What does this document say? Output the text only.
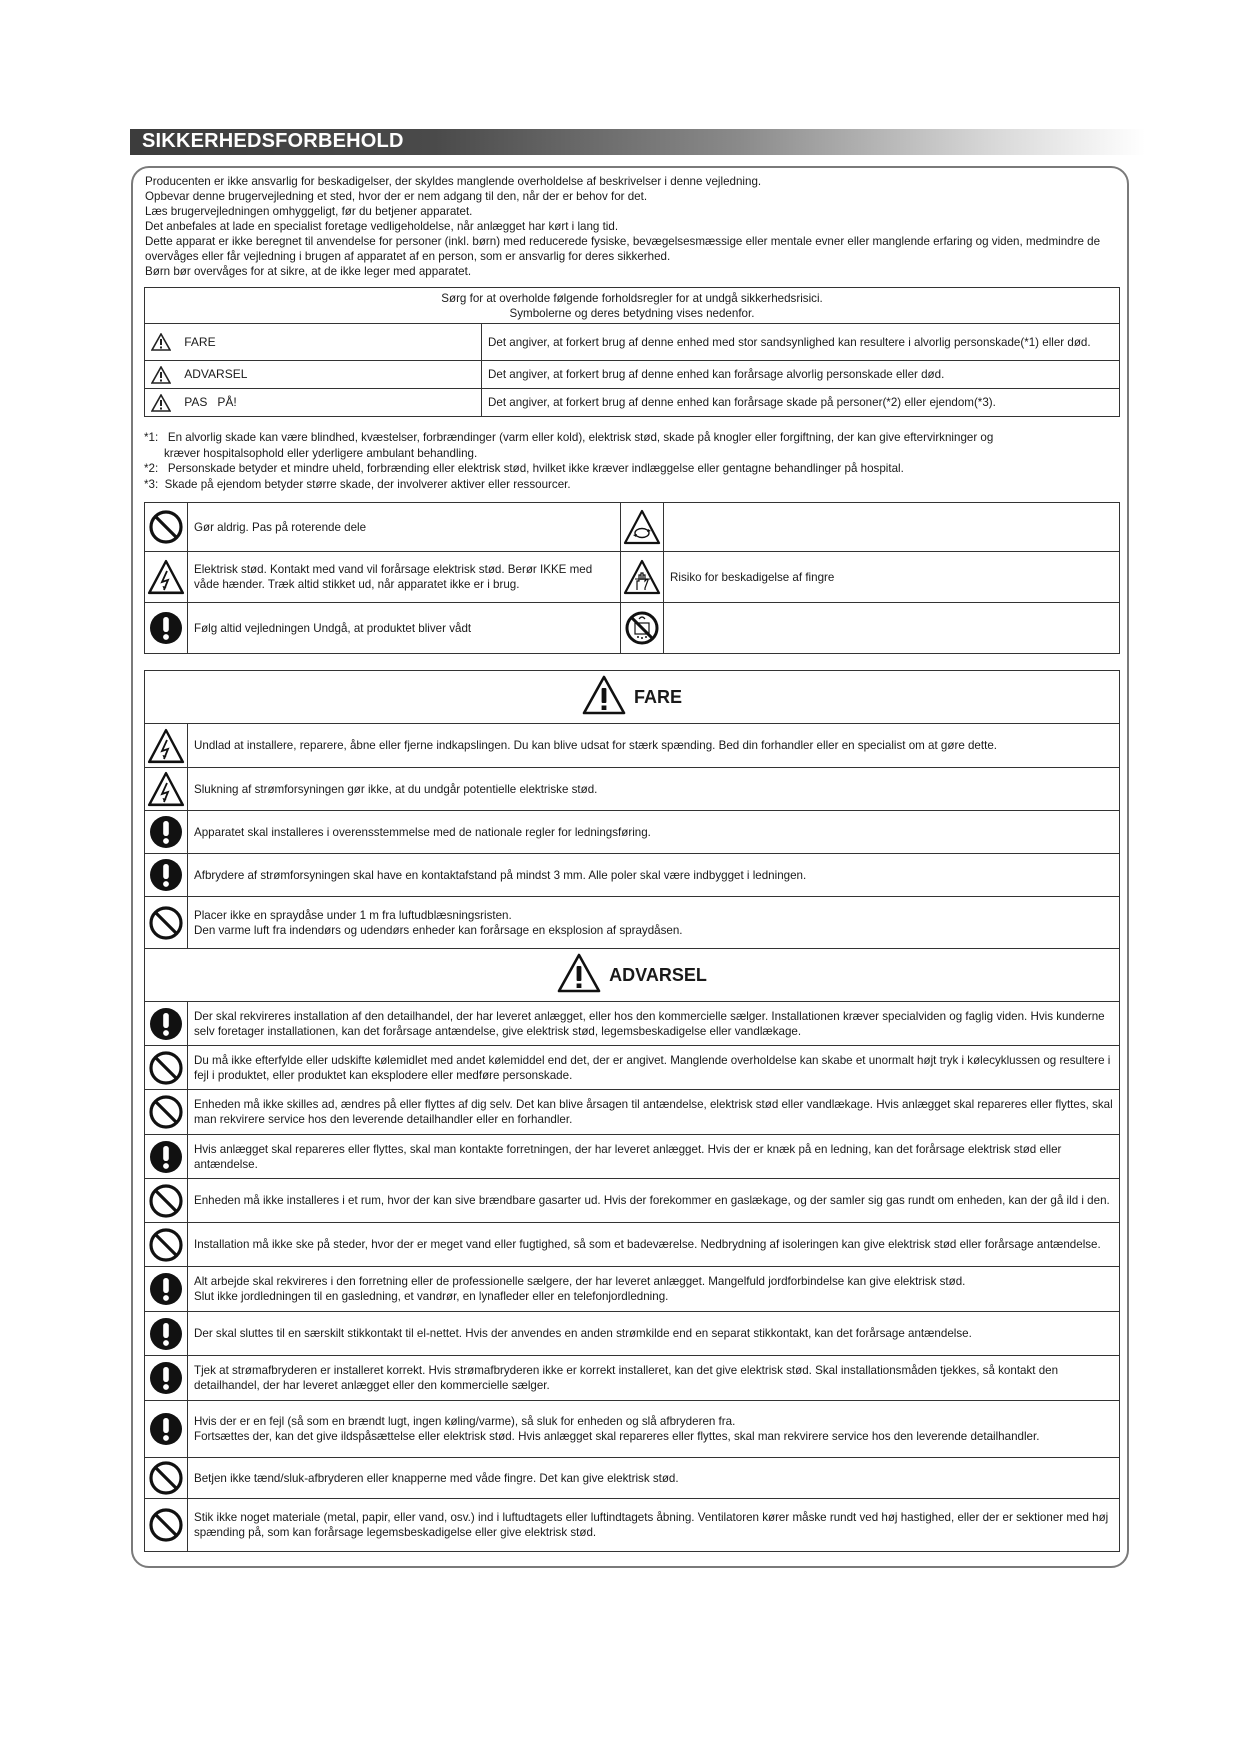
SIKKERHEDSFORBEHOLD
Producenten er ikke ansvarlig for beskadigelser, der skyldes manglende overholdelse af beskrivelser i denne vejledning.
Opbevar denne brugervejledning et sted, hvor der er nem adgang til den, når der er behov for det.
Læs brugervejledningen omhyggeligt, før du betjener apparatet.
Det anbefales at lade en specialist foretage vedligeholdelse, når anlægget har kørt i lang tid.
Dette apparat er ikke beregnet til anvendelse for personer (inkl. børn) med reducerede fysiske, bevægelsesmæssige eller mentale evner eller manglende erfaring og viden, medmindre de overvåges eller får vejledning i brugen af apparatet af en person, som er ansvarlig for deres sikkerhed.
Børn bør overvåges for at sikre, at de ikke leger med apparatet.
Sørg for at overholde følgende forholdsregler for at undgå sikkerhedsrisici.
Symbolerne og deres betydning vises nedenfor.	

FARE	Det angiver, at forkert brug af denne enhed med stor sandsynlighed kan resultere i alvorlig personskade(*1) eller død.
ADVARSEL	Det angiver, at forkert brug af denne enhed kan forårsage alvorlig personskade eller død.
PAS   PÅ!	Det angiver, at forkert brug af denne enhed kan forårsage skade på personer(*2) eller ejendom(*3).
*1:   En alvorlig skade kan være blindhed, kvæstelser, forbrændinger (varm eller kold), elektrisk stød, skade på knogler eller forgiftning, der kan give eftervirkninger og
kræver hospitalsophold eller yderligere ambulant behandling.
*2:   Personskade betyder et mindre uheld, forbrænding eller elektrisk stød, hvilket ikke kræver indlæggelse eller gentagne behandlinger på hospital.
*3:  Skade på ejendom betyder større skade, der involverer aktiver eller ressourcer.
	Gør aldrig. Pas på roterende dele	

	Elektrisk stød. Kontakt med vand vil forårsage elektrisk stød. Berør IKKE med våde hænder. Træk altid stikket ud, når apparatet ikke er i brug.		Risiko for beskadigelse af fingre

	Følg altid vejledningen Undgå, at produktet bliver vådt	

FARE	

	Undlad at installere, reparere, åbne eller fjerne indkapslingen. Du kan blive udsat for stærk spænding. Bed din forhandler eller en specialist om at gøre dette.

	Slukning af strømforsyningen gør ikke, at du undgår potentielle elektriske stød.

	Apparatet skal installeres i overensstemmelse med de nationale regler for ledningsføring.

	Afbrydere af strømforsyningen skal have en kontaktafstand på mindst 3 mm. Alle poler skal være indbygget i ledningen.

	Placer ikke en spraydåse under 1 m fra luftudblæsningsristen.
Den varme luft fra indendørs og udendørs enheder kan forårsage en eksplosion af spraydåsen.

ADVARSEL	

	Der skal rekvireres installation af den detailhandel, der har leveret anlægget, eller hos den kommercielle sælger. Installationen kræver specialviden og faglig viden. Hvis kunderne selv foretager installationen, kan det forårsage antændelse, give elektrisk stød, legemsbeskadigelse eller vandlækage.

	Du må ikke efterfylde eller udskifte kølemidlet med andet kølemiddel end det, der er angivet. Manglende overholdelse kan skabe et unormalt højt tryk i kølecyklussen og resultere i fejl i produktet, eller produktet kan eksplodere eller medføre personskade.

	Enheden må ikke skilles ad, ændres på eller flyttes af dig selv. Det kan blive årsagen til antændelse, elektrisk stød eller vandlækage. Hvis anlægget skal repareres eller flyttes, skal man rekvirere service hos den leverende detailhandler eller en forhandler.

	Hvis anlægget skal repareres eller flyttes, skal man kontakte forretningen, der har leveret anlægget. Hvis der er knæk på en ledning, kan det forårsage elektrisk stød eller antændelse.

	Enheden må ikke installeres i et rum, hvor der kan sive brændbare gasarter ud. Hvis der forekommer en gaslækage, og der samler sig gas rundt om enheden, kan der gå ild i den.

	Installation må ikke ske på steder, hvor der er meget vand eller fugtighed, så som et badeværelse. Nedbrydning af isoleringen kan give elektrisk stød eller forårsage antændelse.

	Alt arbejde skal rekvireres i den forretning eller de professionelle sælgere, der har leveret anlægget. Mangelfuld jordforbindelse kan give elektrisk stød.
Slut ikke jordledningen til en gasledning, et vandrør, en lynafleder eller en telefonjordledning.

	Der skal sluttes til en særskilt stikkontakt til el-nettet. Hvis der anvendes en anden strømkilde end en separat stikkontakt, kan det forårsage antændelse.

	Tjek at strømafbryderen er installeret korrekt. Hvis strømafbryderen ikke er korrekt installeret, kan det give elektrisk stød. Skal installationsmåden tjekkes, så kontakt den detailhandel, der har leveret anlægget eller den kommercielle sælger.

	Hvis der er en fejl (så som en brændt lugt, ingen køling/varme), så sluk for enheden og slå afbryderen fra.
Fortsættes der, kan det give ildspåsættelse eller elektrisk stød. Hvis anlægget skal repareres eller flyttes, skal man rekvirere service hos den leverende detailhandler.

	Betjen ikke tænd/sluk-afbryderen eller knapperne med våde fingre. Det kan give elektrisk stød.

	Stik ikke noget materiale (metal, papir, eller vand, osv.) ind i luftudtagets eller luftindtagets åbning. Ventilatoren kører måske rundt ved høj hastighed, eller der er sektioner med høj spænding på, som kan forårsage legemsbeskadigelse eller give elektrisk stød.
